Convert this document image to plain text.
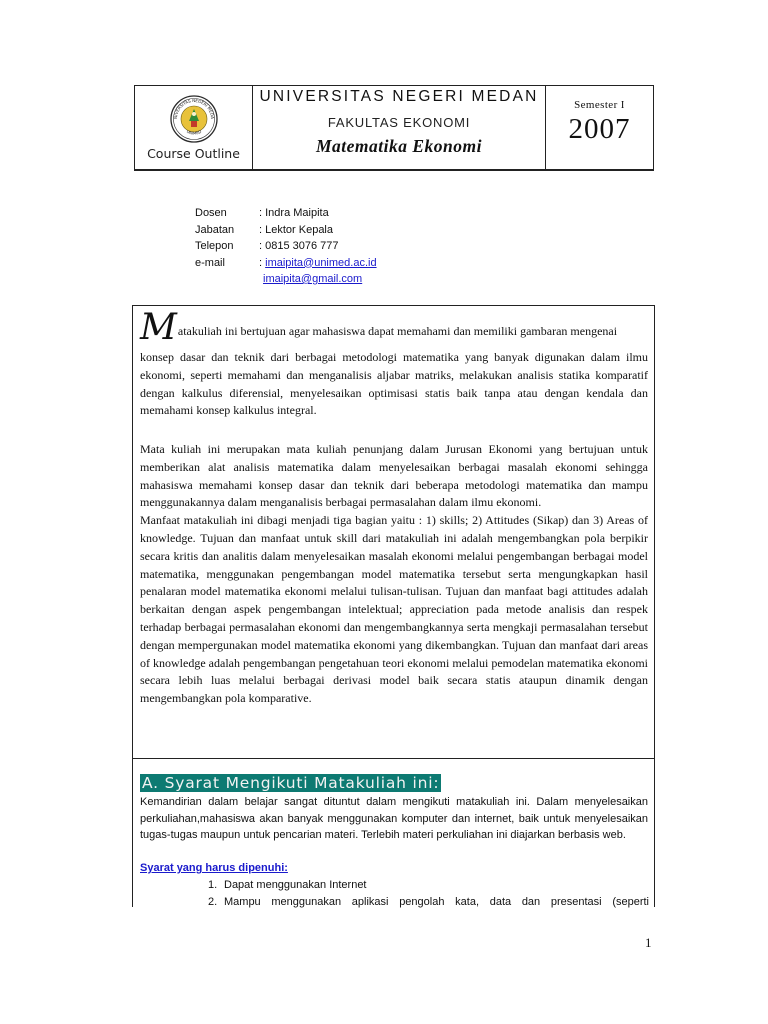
NIVERSITAS NEGERI MEDA
UNIMED
Course Outline
UNIVERSITAS NEGERI MEDAN
FAKULTAS EKONOMI
Matematika Ekonomi
Semester I
2007
Dosen	: Indra Maipita
Jabatan : Lektor Kepala
Telepon : 0815 3076 777
e-mail	: imaipita@unimed.ac.id
imaipita@gmail.com
Matakuliah ini bertujuan agar mahasiswa dapat memahami dan memiliki gambaran mengenai
konsep dasar dan teknik dari berbagai metodologi matematika yang banyak digunakan dalam ilmu ekonomi, seperti memahami dan menganalisis aljabar matriks, melakukan analisis statika komparatif dengan kalkulus diferensial, menyelesaikan optimisasi statis baik tanpa atau dengan kendala dan memahami konsep kalkulus integral.

Mata kuliah ini merupakan mata kuliah penunjang dalam Jurusan Ekonomi yang bertujuan untuk memberikan alat analisis matematika dalam menyelesaikan berbagai masalah ekonomi sehingga mahasiswa memahami konsep dasar dan teknik dari beberapa metodologi matematika dan mampu menggunakannya dalam menganalisis berbagai permasalahan dalam ilmu ekonomi.

Manfaat matakuliah ini dibagi menjadi tiga bagian yaitu : 1) skills; 2) Attitudes (Sikap) dan 3) Areas of knowledge. Tujuan dan manfaat untuk skill dari matakuliah ini adalah mengembangkan pola berpikir secara kritis dan analitis dalam menyelesaikan masalah ekonomi melalui pengembangan berbagai model matematika, menggunakan pengembangan model matematika tersebut serta mengungkapkan hasil penalaran model matematika ekonomi melalui tulisan-tulisan. Tujuan dan manfaat bagi attitudes adalah berkaitan dengan aspek pengembangan intelektual; appreciation pada metode analisis dan respek terhadap berbagai permasalahan ekonomi dan mengembangkannya serta mengkaji permasalahan tersebut dengan mempergunakan model matematika ekonomi yang dikembangkan. Tujuan dan manfaat dari areas of knowledge adalah pengembangan pengetahuan teori ekonomi melalui pemodelan matematika ekonomi secara lebih luas melalui berbagai derivasi model baik secara statis ataupun dinamik dengan mengembangkan pola komparative.

A. Syarat Mengikuti Matakuliah ini:
Kemandirian dalam belajar sangat dituntut dalam mengikuti matakuliah ini. Dalam menyelesaikan perkuliahan,mahasiswa akan banyak menggunakan komputer dan internet, baik untuk menyelesaikan tugas-tugas maupun untuk pencarian materi. Terlebih materi perkuliahan ini diajarkan berbasis web.
Syarat yang harus dipenuhi:
1. Dapat menggunakan Internet
2. Mampu menggunakan aplikasi pengolah kata, data dan presentasi (seperti
1
